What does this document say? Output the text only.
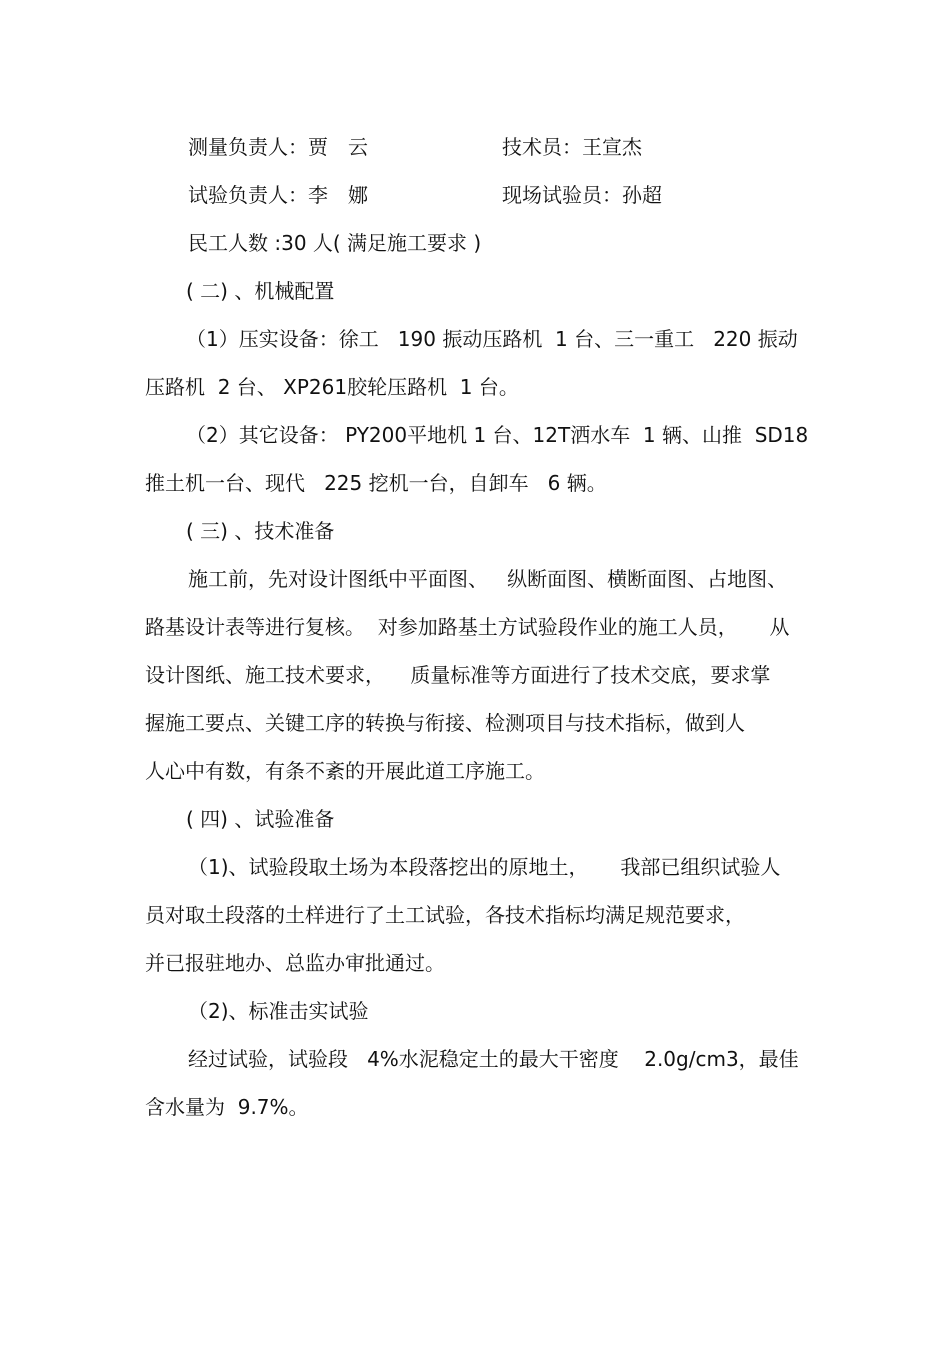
测量负责人：贾　云	技术员：王宣杰

试验负责人：李　娜	现场试验员：孙超

民工人数 :30 人( 满足施工要求 )

( 二) 、机械配置

（1）压实设备：徐工   190 振动压路机  1 台、三一重工   220 振动

压路机  2 台、 XP261胶轮压路机  1 台。

（2）其它设备： PY200平地机 1 台、12T洒水车  1 辆、山推  SD18

推土机一台、现代   225 挖机一台，自卸车   6 辆。

( 三) 、技术准备

施工前，先对设计图纸中平面图、   纵断面图、横断面图、占地图、

路基设计表等进行复核。  对参加路基土方试验段作业的施工人员，     从

设计图纸、施工技术要求，    质量标准等方面进行了技术交底，要求掌

握施工要点、关键工序的转换与衔接、检测项目与技术指标，做到人

人心中有数，有条不紊的开展此道工序施工。

( 四) 、试验准备

（1)、试验段取土场为本段落挖出的原地土，     我部已组织试验人

员对取土段落的土样进行了土工试验，各技术指标均满足规范要求，

并已报驻地办、总监办审批通过。

（2)、标准击实试验

经过试验，试验段   4%水泥稳定土的最大干密度    2.0g/cm3，最佳

含水量为  9.7%。
